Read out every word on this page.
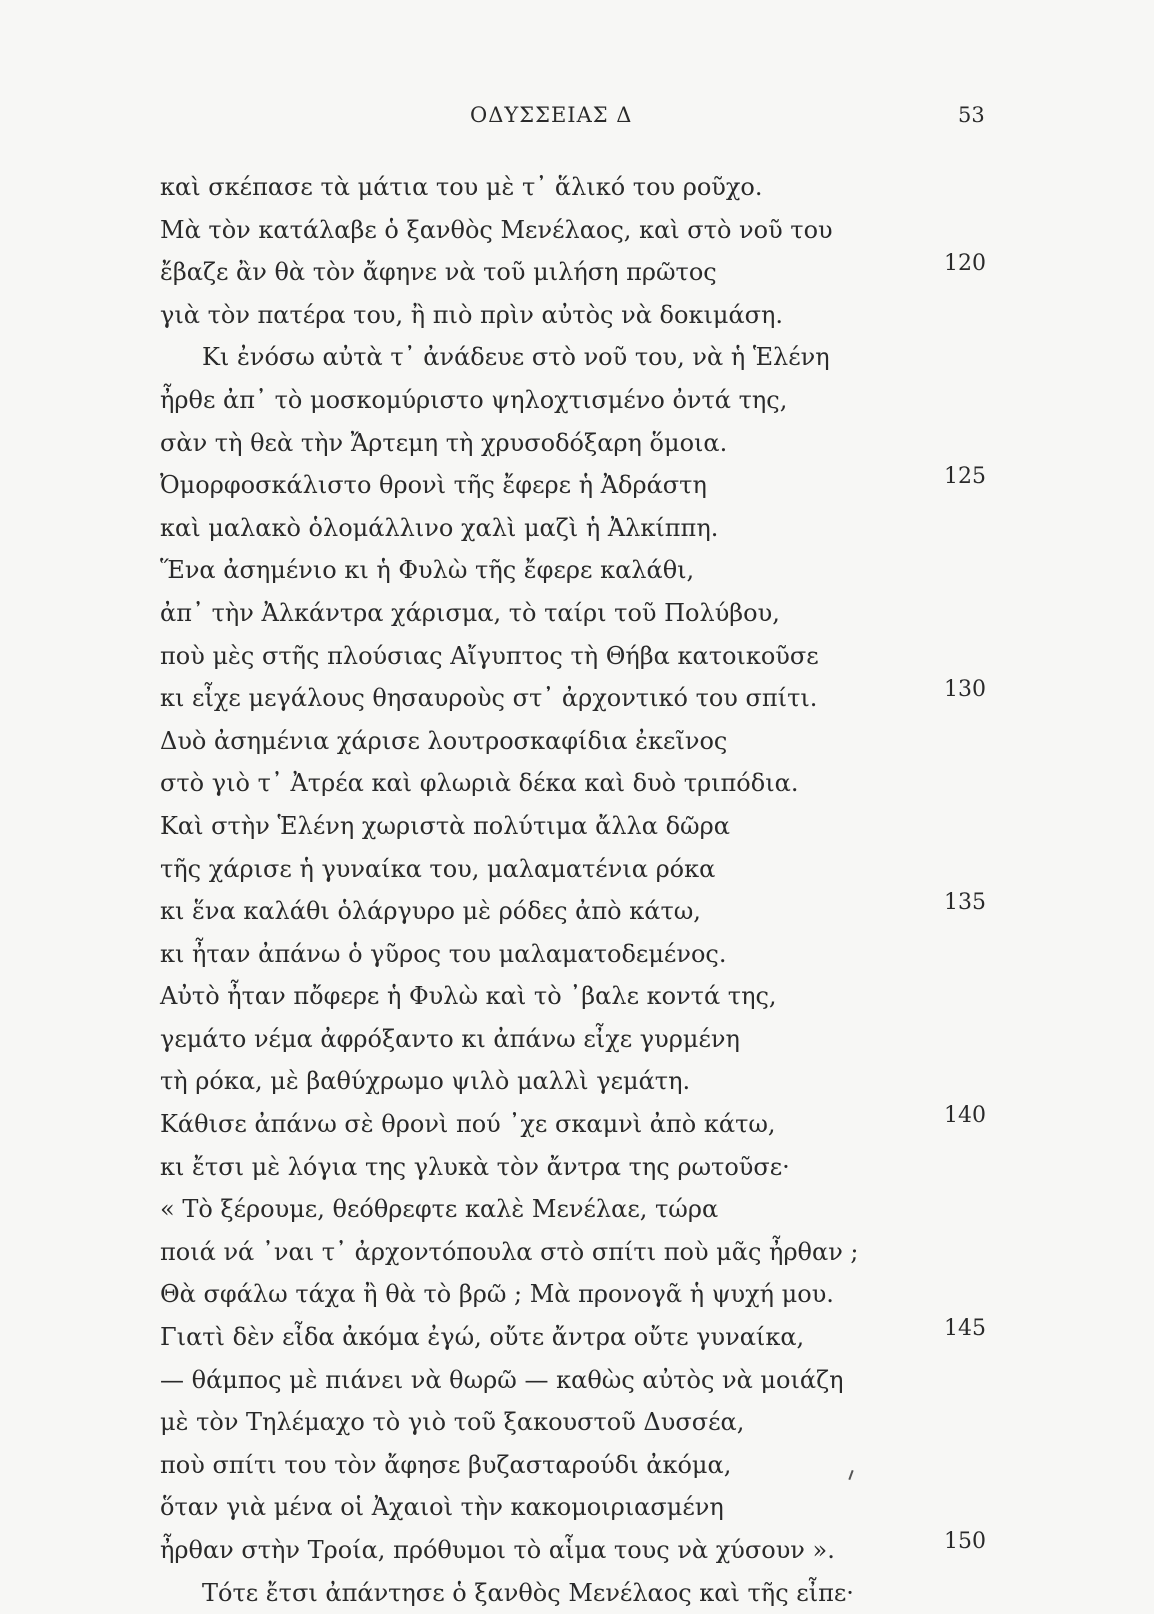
ΟΔΥΣΣΕΙΑΣ Δ	53
καὶ σκέπασε τὰ μάτια του μὲ τ᾽ ἅλικό του ροῦχο.
Μὰ τὸν κατάλαβε ὁ ξανθὸς Μενέλαος, καὶ στὸ νοῦ του
ἔβαζε ἂν θὰ τὸν ἄφηνε νὰ τοῦ μιλήση πρῶτος	120
γιὰ τὸν πατέρα του, ἢ πιὸ πρὶν αὐτὸς νὰ δοκιμάση.
Κι ἐνόσω αὐτὰ τ᾽ ἀνάδευε στὸ νοῦ του, νὰ ἡ Ἑλένη
ἦρθε ἀπ᾽ τὸ μοσκομύριστο ψηλοχτισμένο ὀντά της,
σὰν τὴ θεὰ τὴν Ἄρτεμη τὴ χρυσοδόξαρη ὅμοια.
Ὀμορφοσκάλιστο θρονὶ τῆς ἔφερε ἡ Ἀδράστη	125
καὶ μαλακὸ ὁλομάλλινο χαλὶ μαζὶ ἡ Ἀλκίππη.
Ἕνα ἀσημένιο κι ἡ Φυλὼ τῆς ἔφερε καλάθι,
ἀπ᾽ τὴν Ἀλκάντρα χάρισμα, τὸ ταίρι τοῦ Πολύβου,
ποὺ μὲς στῆς πλούσιας Αἴγυπτος τὴ Θήβα κατοικοῦσε
κι εἶχε μεγάλους θησαυροὺς στ᾽ ἀρχοντικό του σπίτι.	130
Δυὸ ἀσημένια χάρισε λουτροσκαφίδια ἐκεῖνος
στὸ γιὸ τ᾽ Ἀτρέα καὶ φλωριὰ δέκα καὶ δυὸ τριπόδια.
Καὶ στὴν Ἑλένη χωριστὰ πολύτιμα ἄλλα δῶρα
τῆς χάρισε ἡ γυναίκα του, μαλαματένια ρόκα
κι ἕνα καλάθι ὁλάργυρο μὲ ρόδες ἀπὸ κάτω,	135
κι ἦταν ἀπάνω ὁ γῦρος του μαλαματοδεμένος.
Αὐτὸ ἦταν πὄφερε ἡ Φυλὼ καὶ τὸ ᾽βαλε κοντά της,
γεμάτο νέμα ἀφρόξαντο κι ἀπάνω εἶχε γυρμένη
τὴ ρόκα, μὲ βαθύχρωμο ψιλὸ μαλλὶ γεμάτη.
Κάθισε ἀπάνω σὲ θρονὶ πού ᾽χε σκαμνὶ ἀπὸ κάτω,	140
κι ἔτσι μὲ λόγια της γλυκὰ τὸν ἄντρα της ρωτοῦσε·
« Τὸ ξέρουμε, θεόθρεφτε καλὲ Μενέλαε, τώρα
ποιά νά ᾽ναι τ᾽ ἀρχοντόπουλα στὸ σπίτι ποὺ μᾶς ἦρθαν ;
Θὰ σφάλω τάχα ἢ θὰ τὸ βρῶ ; Μὰ προνογᾶ ἡ ψυχή μου.
Γιατὶ δὲν εἶδα ἀκόμα ἐγώ, οὔτε ἄντρα οὔτε γυναίκα,	145
— θάμπος μὲ πιάνει νὰ θωρῶ — καθὼς αὐτὸς νὰ μοιάζη
μὲ τὸν Τηλέμαχο τὸ γιὸ τοῦ ξακουστοῦ Δυσσέα,
ποὺ σπίτι του τὸν ἄφησε βυζασταρούδι ἀκόμα,
ὅταν γιὰ μένα οἱ Ἀχαιοὶ τὴν κακομοιριασμένη
ἦρθαν στὴν Τροία, πρόθυμοι τὸ αἷμα τους νὰ χύσουν ».	150
Τότε ἔτσι ἀπάντησε ὁ ξανθὸς Μενέλαος καὶ τῆς εἶπε·
